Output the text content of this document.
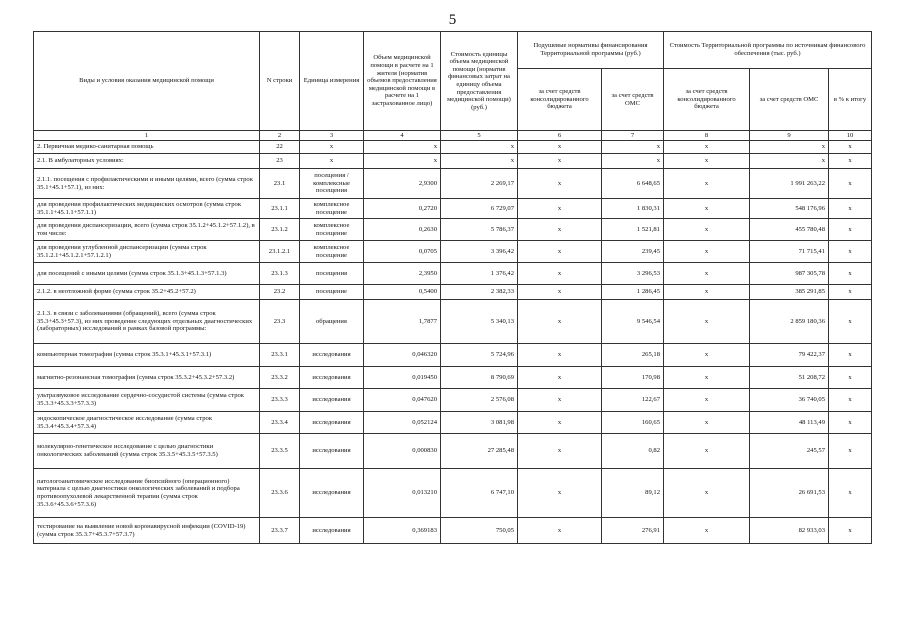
5
Виды и условия оказания медицинской помощи	N строки	Единица измерения	Объем медицинской помощи в расчете на 1 жителя (норматив объемов предоставления медицинской помощи в расчете на 1 застрахованное лицо)	Стоимость единицы объема медицинской помощи (норматив финансовых затрат на единицу объема предоставления медицинской помощи) (руб.)	Подушевые нормативы финансирования Территориальной программы (руб.)		Стоимость Территориальной программы по источникам финансового обеспечения (тыс. руб.)		
					за счет средств консолидированного бюджета	за счет средств ОМС	за счет средств консолидированного бюджета	за счет средств ОМС	в % к итогу
1	2	3	4	5	6	7	8	9	10
2. Первичная медико-санитарная помощь	22	x	x	x	x	x	x	x	x
2.1. В амбулаторных условиях:	23	x	x	x	x	x	x	x	x
2.1.1. посещения с профилактическими и иными целями, всего (сумма строк 35.1+45.1+57.1), из них:	23.1	посещения / комплексные посещения	2,9300	2 269,17	x	6 648,65	x	1 991 263,22	x
для проведения профилактических медицинских осмотров (сумма строк 35.1.1+45.1.1+57.1.1)	23.1.1	комплексное посещение	0,2720	6 729,07	x	1 830,31	x	548 176,96	x
для проведения диспансеризации, всего (сумма строк 35.1.2+45.1.2+57.1.2), в том числе:	23.1.2	комплексное посещение	0,2630	5 786,37	x	1 521,81	x	455 780,48	x
для проведения углубленной диспансеризации (сумма строк 35.1.2.1+45.1.2.1+57.1.2.1)	23.1.2.1	комплексное посещение	0,0705	3 396,42	x	239,45	x	71 715,41	x
для посещений с иными целями (сумма строк 35.1.3+45.1.3+57.1.3)	23.1.3	посещения	2,3950	1 376,42	x	3 296,53	x	987 305,78	x
2.1.2. в неотложной форме (сумма строк 35.2+45.2+57.2)	23.2	посещение	0,5400	2 382,33	x	1 286,45	x	385 291,85	x
2.1.3. в связи с заболеваниями (обращений), всего (сумма строк 35.3+45.3+57.3), из них проведение следующих отдельных диагностических (лабораторных) исследований в рамках базовой программы:	23.3	обращения	1,7877	5 340,13	x	9 546,54	x	2 859 180,36	x
компьютерная томография (сумма строк 35.3.1+45.3.1+57.3.1)	23.3.1	исследования	0,046320	5 724,96	x	265,18	x	79 422,37	x
магнитно-резонансная томография (сумма строк 35.3.2+45.3.2+57.3.2)	23.3.2	исследования	0,019450	8 790,69	x	170,98	x	51 208,72	x
ультразвуковое исследование сердечно-сосудистой системы (сумма строк 35.3.3+45.3.3+57.3.3)	23.3.3	исследования	0,047620	2 576,08	x	122,67	x	36 740,05	x
эндоскопическое диагностическое исследование (сумма строк 35.3.4+45.3.4+57.3.4)	23.3.4	исследования	0,052124	3 081,98	x	160,65	x	48 113,49	x
молекулярно-генетическое исследование с целью диагностики онкологических заболеваний (сумма строк 35.3.5+45.3.5+57.3.5)	23.3.5	исследования	0,000830	27 285,48	x	0,82	x	245,57	x
патологоанатомическое исследование биопсийного (операционного) материала с целью диагностики онкологических заболеваний и подбора противоопухолевой лекарственной терапии (сумма строк 35.3.6+45.3.6+57.3.6)	23.3.6	исследования	0,013210	6 747,10	x	89,12	x	26 691,53	x
тестирование на выявление новой коронавирусной инфекции (COVID-19) (сумма строк 35.3.7+45.3.7+57.3.7)	23.3.7	исследования	0,369183	750,05	x	276,91	x	82 933,03	x
